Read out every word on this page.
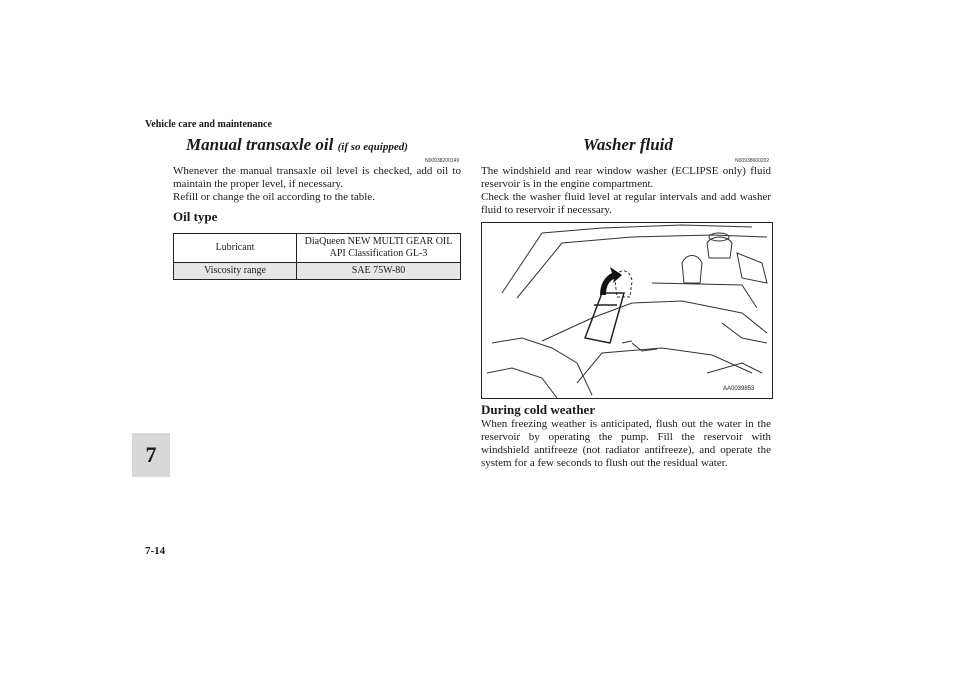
Vehicle care and maintenance
7
7-14
Manual transaxle oil (if so equipped)
N00938200149
Whenever the manual transaxle oil level is checked, add oil to maintain the proper level, if necessary.
Refill or change the oil according to the table.
Oil type
Lubricant	DiaQueen NEW MULTI GEAR OIL
API Classification GL-3

Viscosity range	SAE 75W-80
Washer fluid
N00938600202
The windshield and rear window washer (ECLIPSE only) fluid reservoir is in the engine compartment.
Check the washer fluid level at regular intervals and add washer fluid to reservoir if necessary.
AA0039853
During cold weather
When freezing weather is anticipated, flush out the water in the reservoir by operating the pump. Fill the reservoir with windshield antifreeze (not radiator antifreeze), and operate the system for a few seconds to flush out the residual water.
